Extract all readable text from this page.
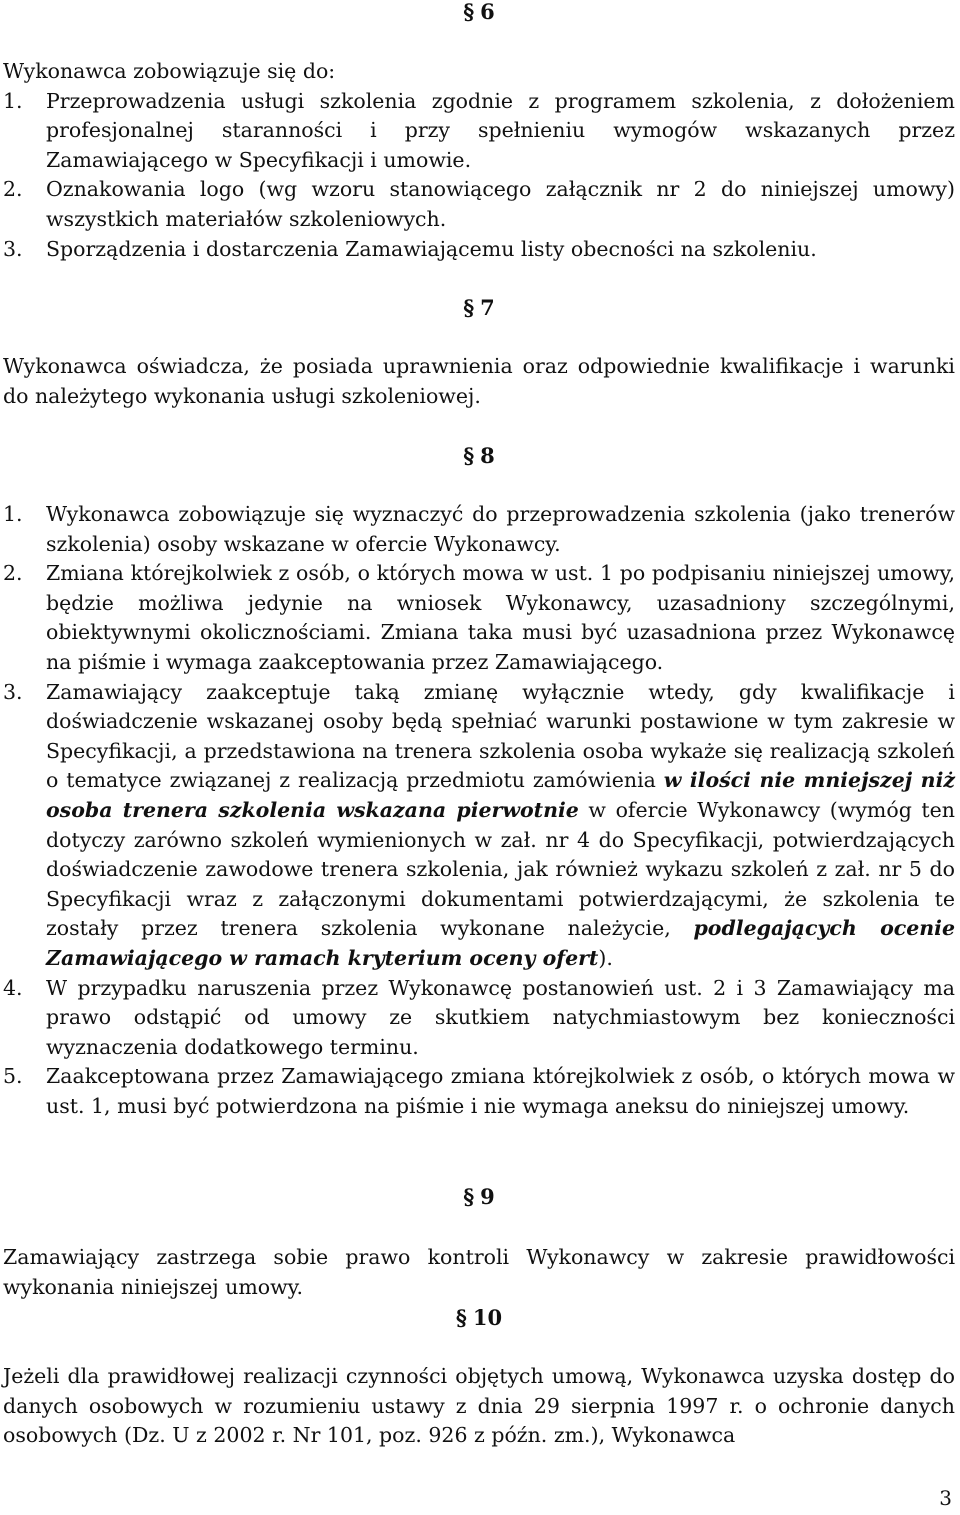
§ 6

Wykonawca zobowiązuje się do:

1. Przeprowadzenia usługi szkolenia zgodnie z programem szkolenia, z dołożeniem profesjonalnej staranności i przy spełnieniu wymogów wskazanych przez Zamawiającego w Specyfikacji i umowie.
2. Oznakowania logo (wg wzoru stanowiącego załącznik nr 2 do niniejszej umowy) wszystkich materiałów szkoleniowych.
3. Sporządzenia i dostarczenia Zamawiającemu listy obecności na szkoleniu.
§ 7

Wykonawca oświadcza, że posiada uprawnienia oraz odpowiednie kwalifikacje i warunki do należytego wykonania usługi szkoleniowej.

§ 8
1. Wykonawca zobowiązuje się wyznaczyć do przeprowadzenia szkolenia (jako trenerów szkolenia) osoby wskazane w ofercie Wykonawcy.
2. Zmiana którejkolwiek z osób, o których mowa w ust. 1 po podpisaniu niniejszej umowy, będzie możliwa jedynie na wniosek Wykonawcy, uzasadniony szczególnymi, obiektywnymi okolicznościami. Zmiana taka musi być uzasadniona przez Wykonawcę na piśmie i wymaga zaakceptowania przez Zamawiającego.
3. Zamawiający zaakceptuje taką zmianę wyłącznie wtedy, gdy kwalifikacje i doświadczenie wskazanej osoby będą spełniać warunki postawione w tym zakresie w Specyfikacji, a przedstawiona na trenera szkolenia osoba wykaże się realizacją szkoleń o tematyce związanej z realizacją przedmiotu zamówienia w ilości nie mniejszej niż osoba trenera szkolenia wskazana pierwotnie w ofercie Wykonawcy (wymóg ten dotyczy zarówno szkoleń wymienionych w zał. nr 4 do Specyfikacji, potwierdzających doświadczenie zawodowe trenera szkolenia, jak również wykazu szkoleń z zał. nr 5 do Specyfikacji wraz z załączonymi dokumentami potwierdzającymi, że szkolenia te zostały przez trenera szkolenia wykonane należycie, podlegających ocenie Zamawiającego w ramach kryterium oceny ofert).
4. W przypadku naruszenia przez Wykonawcę postanowień ust. 2 i 3 Zamawiający ma prawo odstąpić od umowy ze skutkiem natychmiastowym bez konieczności wyznaczenia dodatkowego terminu.
5. Zaakceptowana przez Zamawiającego zmiana którejkolwiek z osób, o których mowa w ust. 1, musi być potwierdzona na piśmie i nie wymaga aneksu do niniejszej umowy.
§ 9

Zamawiający zastrzega sobie prawo kontroli Wykonawcy w zakresie prawidłowości wykonania niniejszej umowy.

§ 10

Jeżeli dla prawidłowej realizacji czynności objętych umową, Wykonawca uzyska dostęp do danych osobowych w rozumieniu ustawy z dnia 29 sierpnia 1997 r. o ochronie danych osobowych (Dz. U z 2002 r. Nr 101, poz. 926 z późn. zm.), Wykonawca

3
